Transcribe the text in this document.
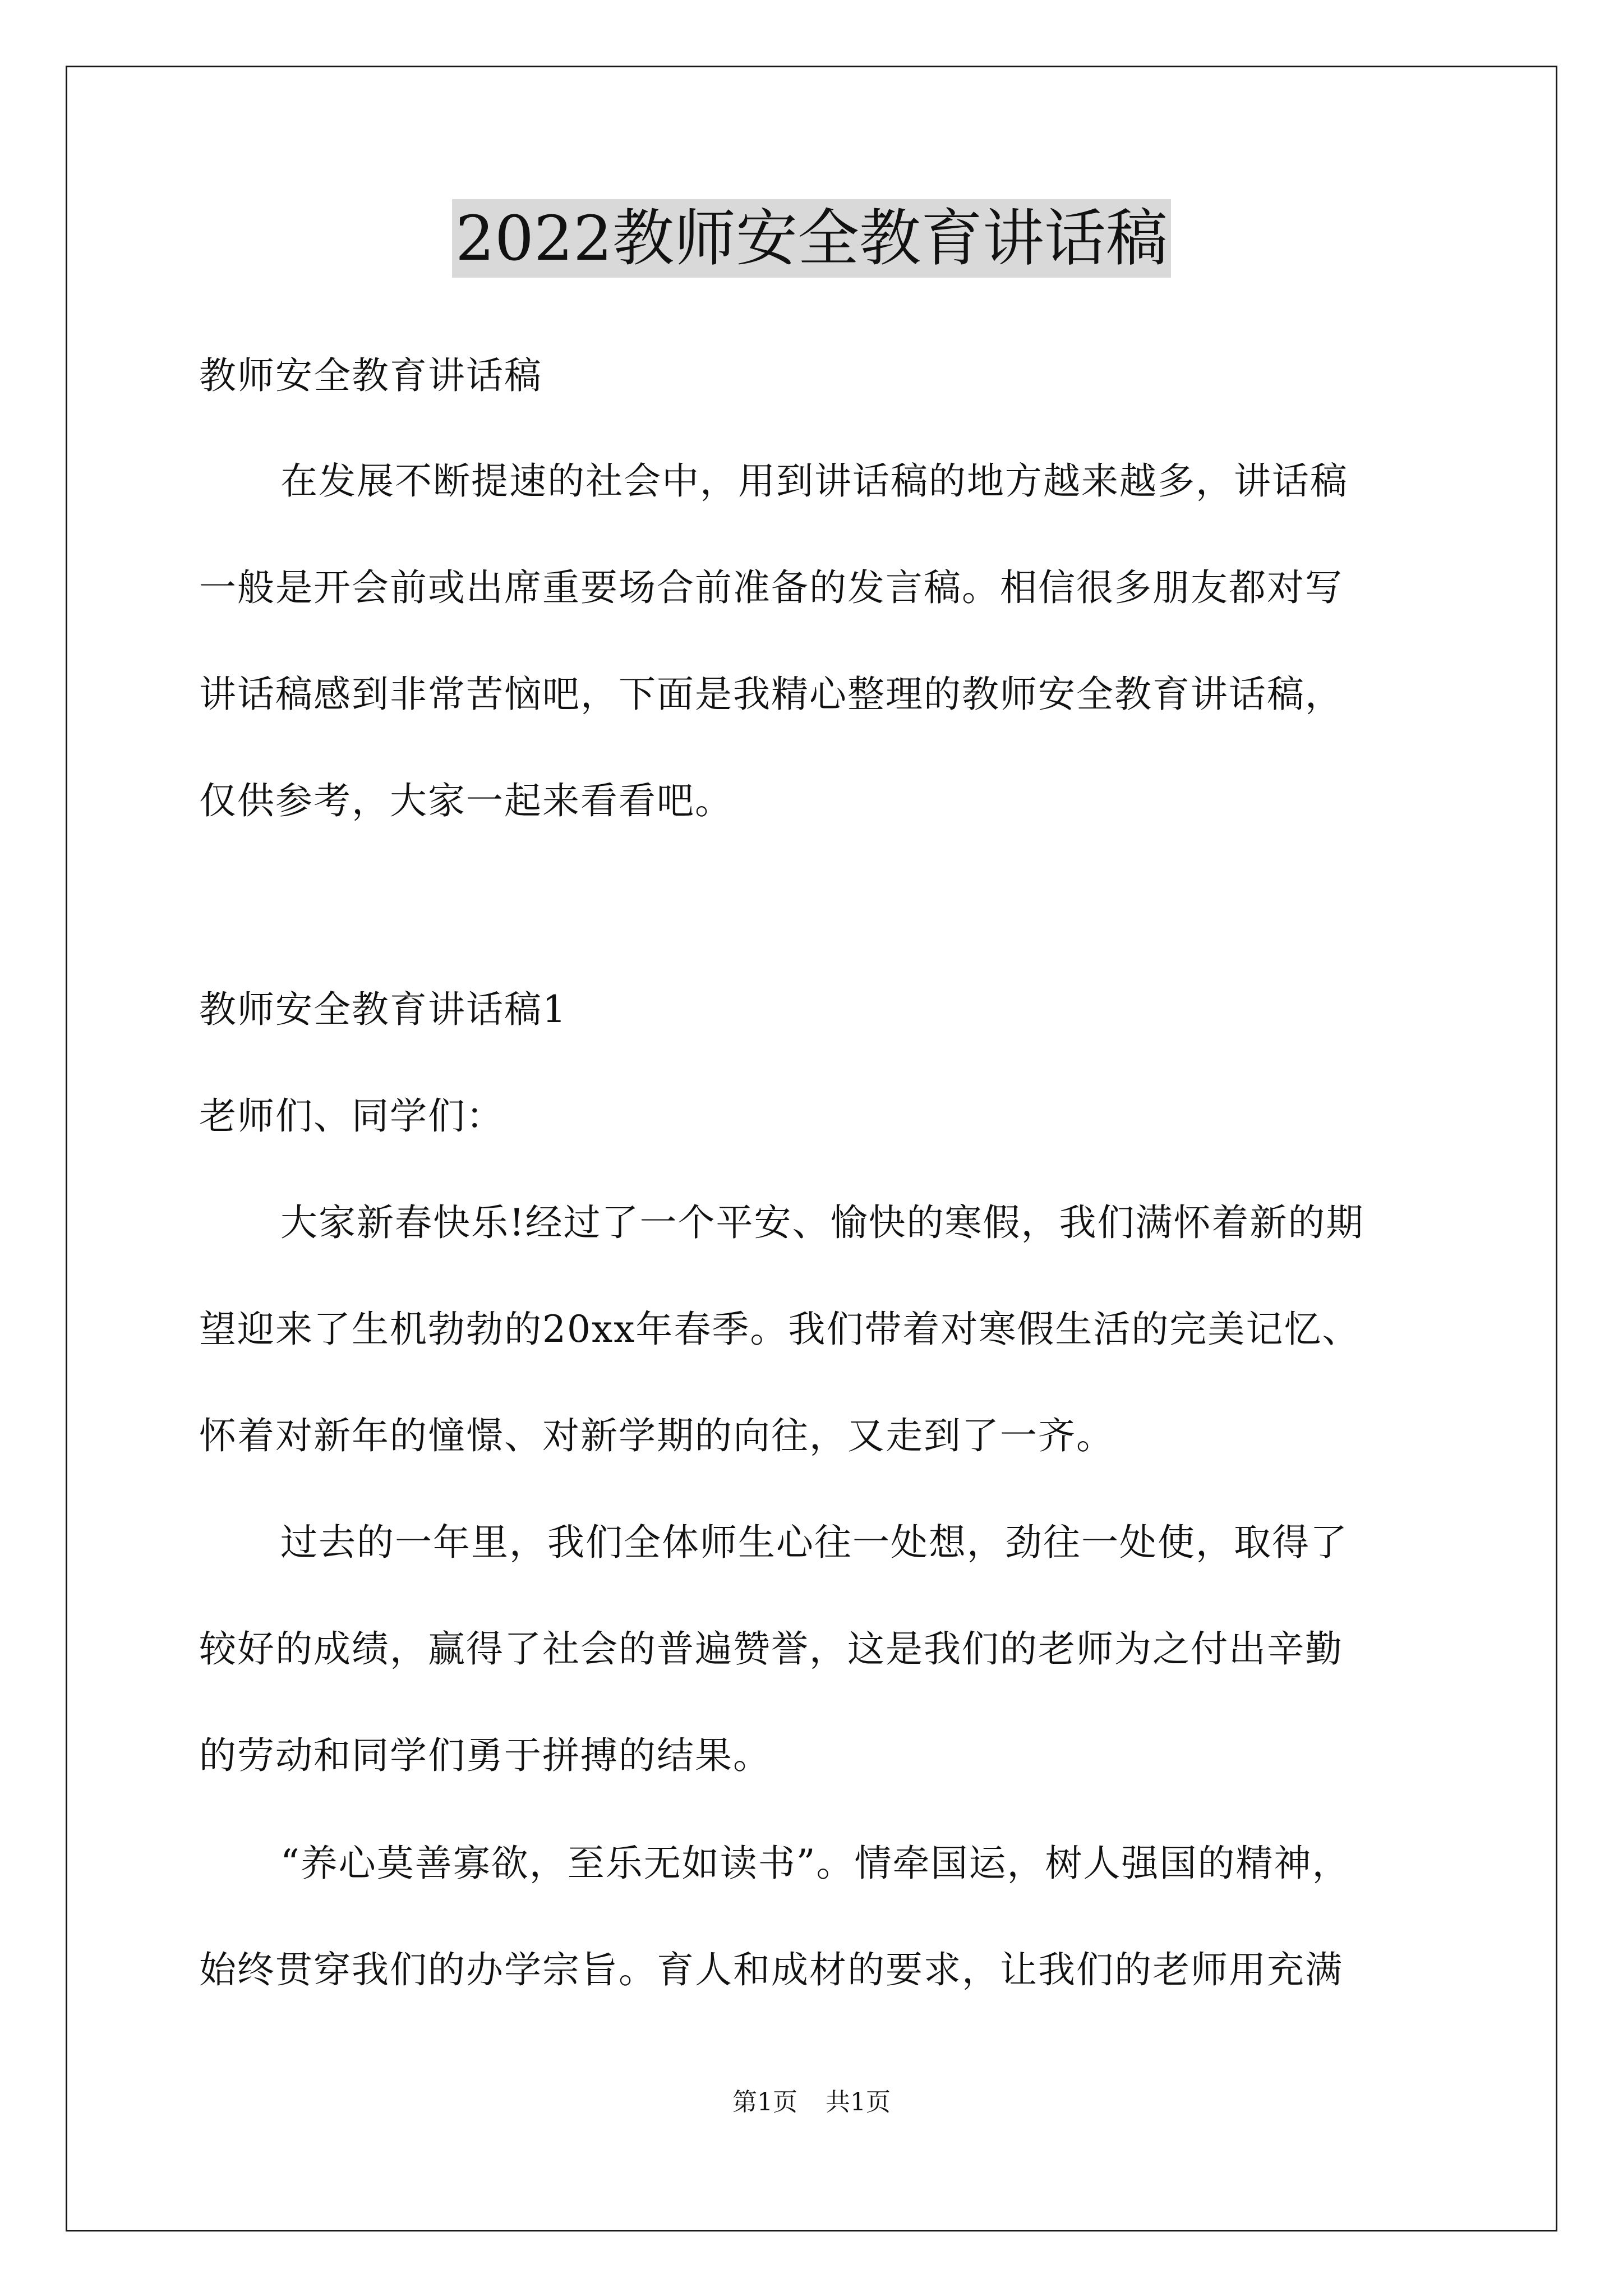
2022教师安全教育讲话稿
教师安全教育讲话稿
在发展不断提速的社会中，用到讲话稿的地方越来越多，讲话稿
一般是开会前或出席重要场合前准备的发言稿。相信很多朋友都对写
讲话稿感到非常苦恼吧，下面是我精心整理的教师安全教育讲话稿，
仅供参考，大家一起来看看吧。
教师安全教育讲话稿1
老师们、同学们：
大家新春快乐!经过了一个平安、愉快的寒假，我们满怀着新的期
望迎来了生机勃勃的20xx年春季。我们带着对寒假生活的完美记忆、
怀着对新年的憧憬、对新学期的向往，又走到了一齐。
过去的一年里，我们全体师生心往一处想，劲往一处使，取得了
较好的成绩，赢得了社会的普遍赞誉，这是我们的老师为之付出辛勤
的劳动和同学们勇于拼搏的结果。
“养心莫善寡欲，至乐无如读书”。情牵国运，树人强国的精神，
始终贯穿我们的办学宗旨。育人和成材的要求，让我们的老师用充满
第1页 共1页
